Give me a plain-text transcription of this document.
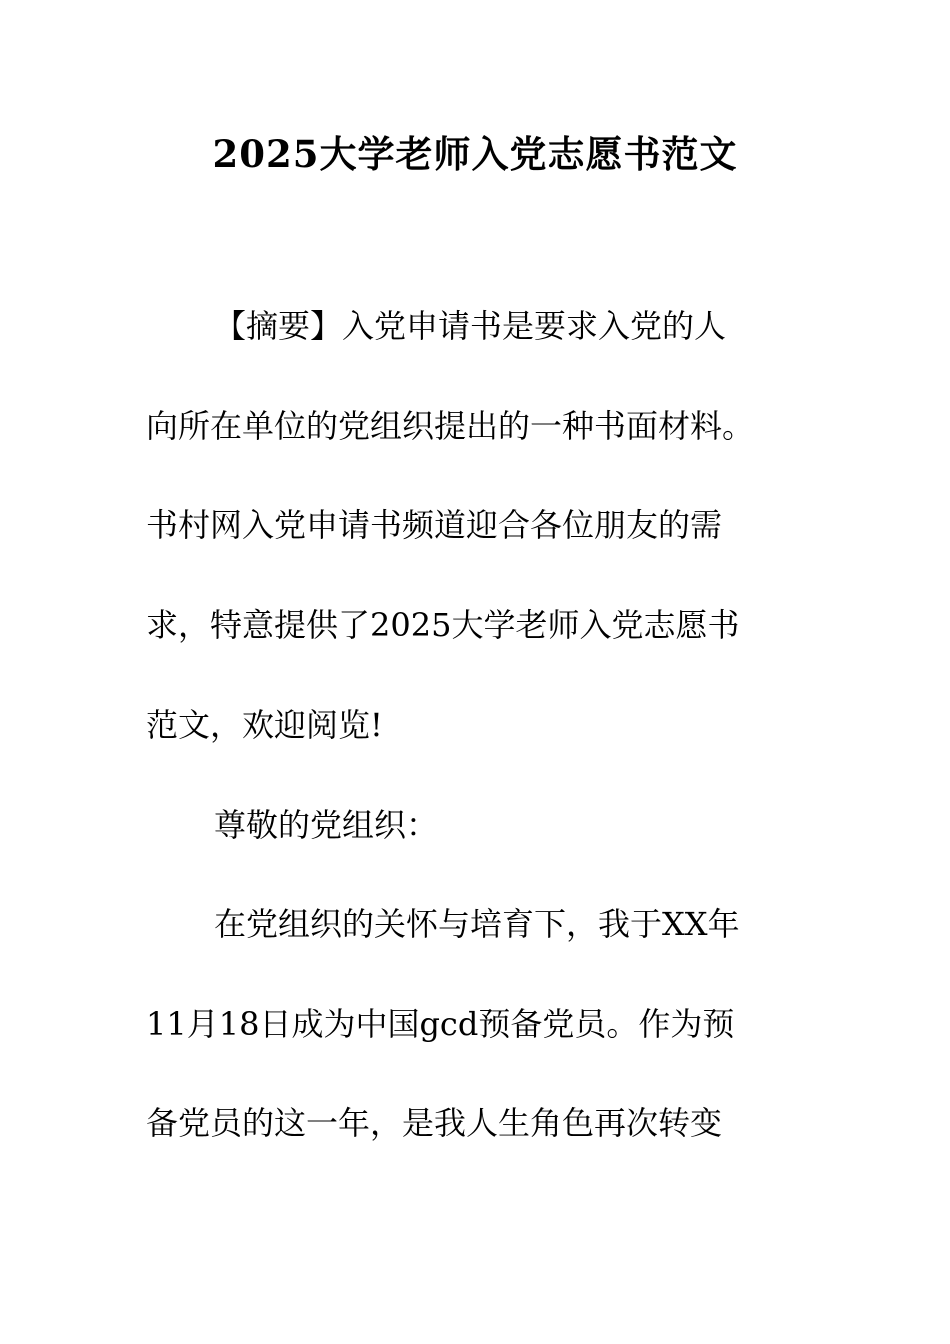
2025大学老师入党志愿书范文

【摘要】入党申请书是要求入党的人

向所在单位的党组织提出的一种书面材料。

书村网入党申请书频道迎合各位朋友的需

求，特意提供了2025大学老师入党志愿书

范文，欢迎阅览!

尊敬的党组织：

在党组织的关怀与培育下，我于XX年

11月18日成为中国gcd预备党员。作为预

备党员的这一年，是我人生角色再次转变
